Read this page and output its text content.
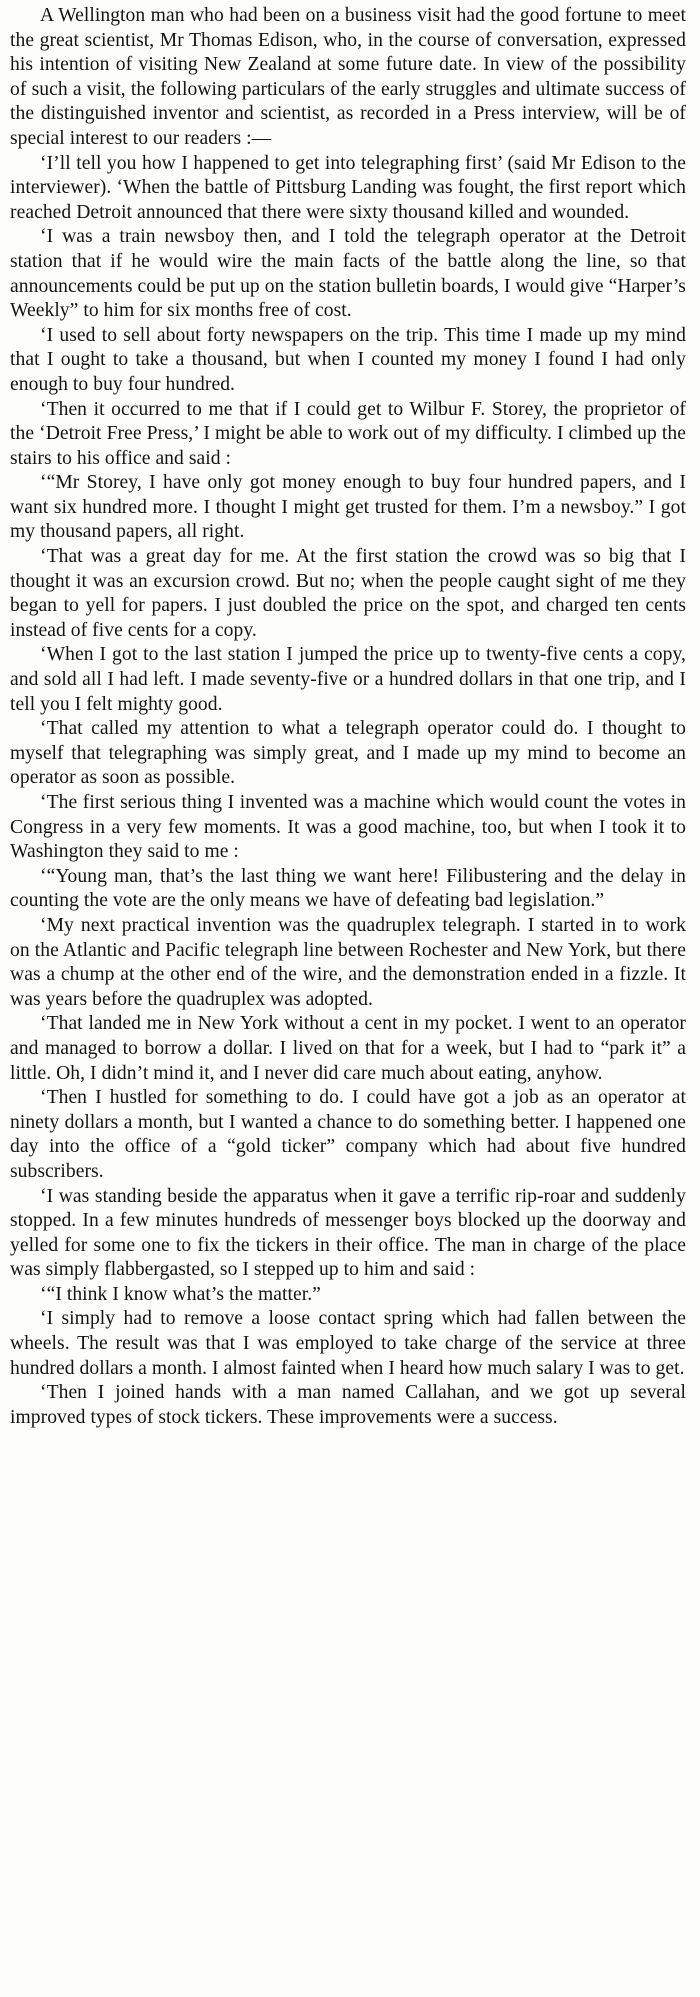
A Wellington man who had been on a business visit had the good fortune to meet the great scientist, Mr Thomas Edison, who, in the course of conversation, expressed his intention of visiting New Zealand at some future date. In view of the possibility of such a visit, the following particulars of the early struggles and ultimate success of the distinguished inventor and scientist, as recorded in a Press interview, will be of special interest to our readers :—

‘I’ll tell you how I happened to get into telegraphing first’ (said Mr Edison to the interviewer). ‘When the battle of Pittsburg Landing was fought, the first report which reached Detroit announced that there were sixty thousand killed and wounded.

‘I was a train newsboy then, and I told the telegraph operator at the Detroit station that if he would wire the main facts of the battle along the line, so that announcements could be put up on the station bulletin boards, I would give “Harper’s Weekly” to him for six months free of cost.

‘I used to sell about forty newspapers on the trip. This time I made up my mind that I ought to take a thousand, but when I counted my money I found I had only enough to buy four hundred.

‘Then it occurred to me that if I could get to Wilbur F. Storey, the proprietor of the ‘Detroit Free Press,’ I might be able to work out of my difficulty. I climbed up the stairs to his office and said :

‘“Mr Storey, I have only got money enough to buy four hundred papers, and I want six hundred more. I thought I might get trusted for them. I’m a newsboy.” I got my thousand papers, all right.

‘That was a great day for me. At the first station the crowd was so big that I thought it was an excursion crowd. But no; when the people caught sight of me they began to yell for papers. I just doubled the price on the spot, and charged ten cents instead of five cents for a copy.

‘When I got to the last station I jumped the price up to twenty-five cents a copy, and sold all I had left. I made seventy-five or a hundred dollars in that one trip, and I tell you I felt mighty good.

‘That called my attention to what a telegraph operator could do. I thought to myself that telegraphing was simply great, and I made up my mind to become an operator as soon as possible.

‘The first serious thing I invented was a machine which would count the votes in Congress in a very few moments. It was a good machine, too, but when I took it to Washington they said to me :

‘“Young man, that’s the last thing we want here! Filibustering and the delay in counting the vote are the only means we have of defeating bad legislation.”

‘My next practical invention was the quadruplex telegraph. I started in to work on the Atlantic and Pacific telegraph line between Rochester and New York, but there was a chump at the other end of the wire, and the demonstration ended in a fizzle. It was years before the quadruplex was adopted.

‘That landed me in New York without a cent in my pocket. I went to an operator and managed to borrow a dollar. I lived on that for a week, but I had to “park it” a little. Oh, I didn’t mind it, and I never did care much about eating, anyhow.

‘Then I hustled for something to do. I could have got a job as an operator at ninety dollars a month, but I wanted a chance to do something better. I happened one day into the office of a “gold ticker” company which had about five hundred subscribers.

‘I was standing beside the apparatus when it gave a terrific rip-roar and suddenly stopped. In a few minutes hundreds of messenger boys blocked up the doorway and yelled for some one to fix the tickers in their office. The man in charge of the place was simply flabbergasted, so I stepped up to him and said :

‘“I think I know what’s the matter.”

‘I simply had to remove a loose contact spring which had fallen between the wheels. The result was that I was employed to take charge of the service at three hundred dollars a month. I almost fainted when I heard how much salary I was to get.

‘Then I joined hands with a man named Callahan, and we got up several improved types of stock tickers. These improvements were a success.
